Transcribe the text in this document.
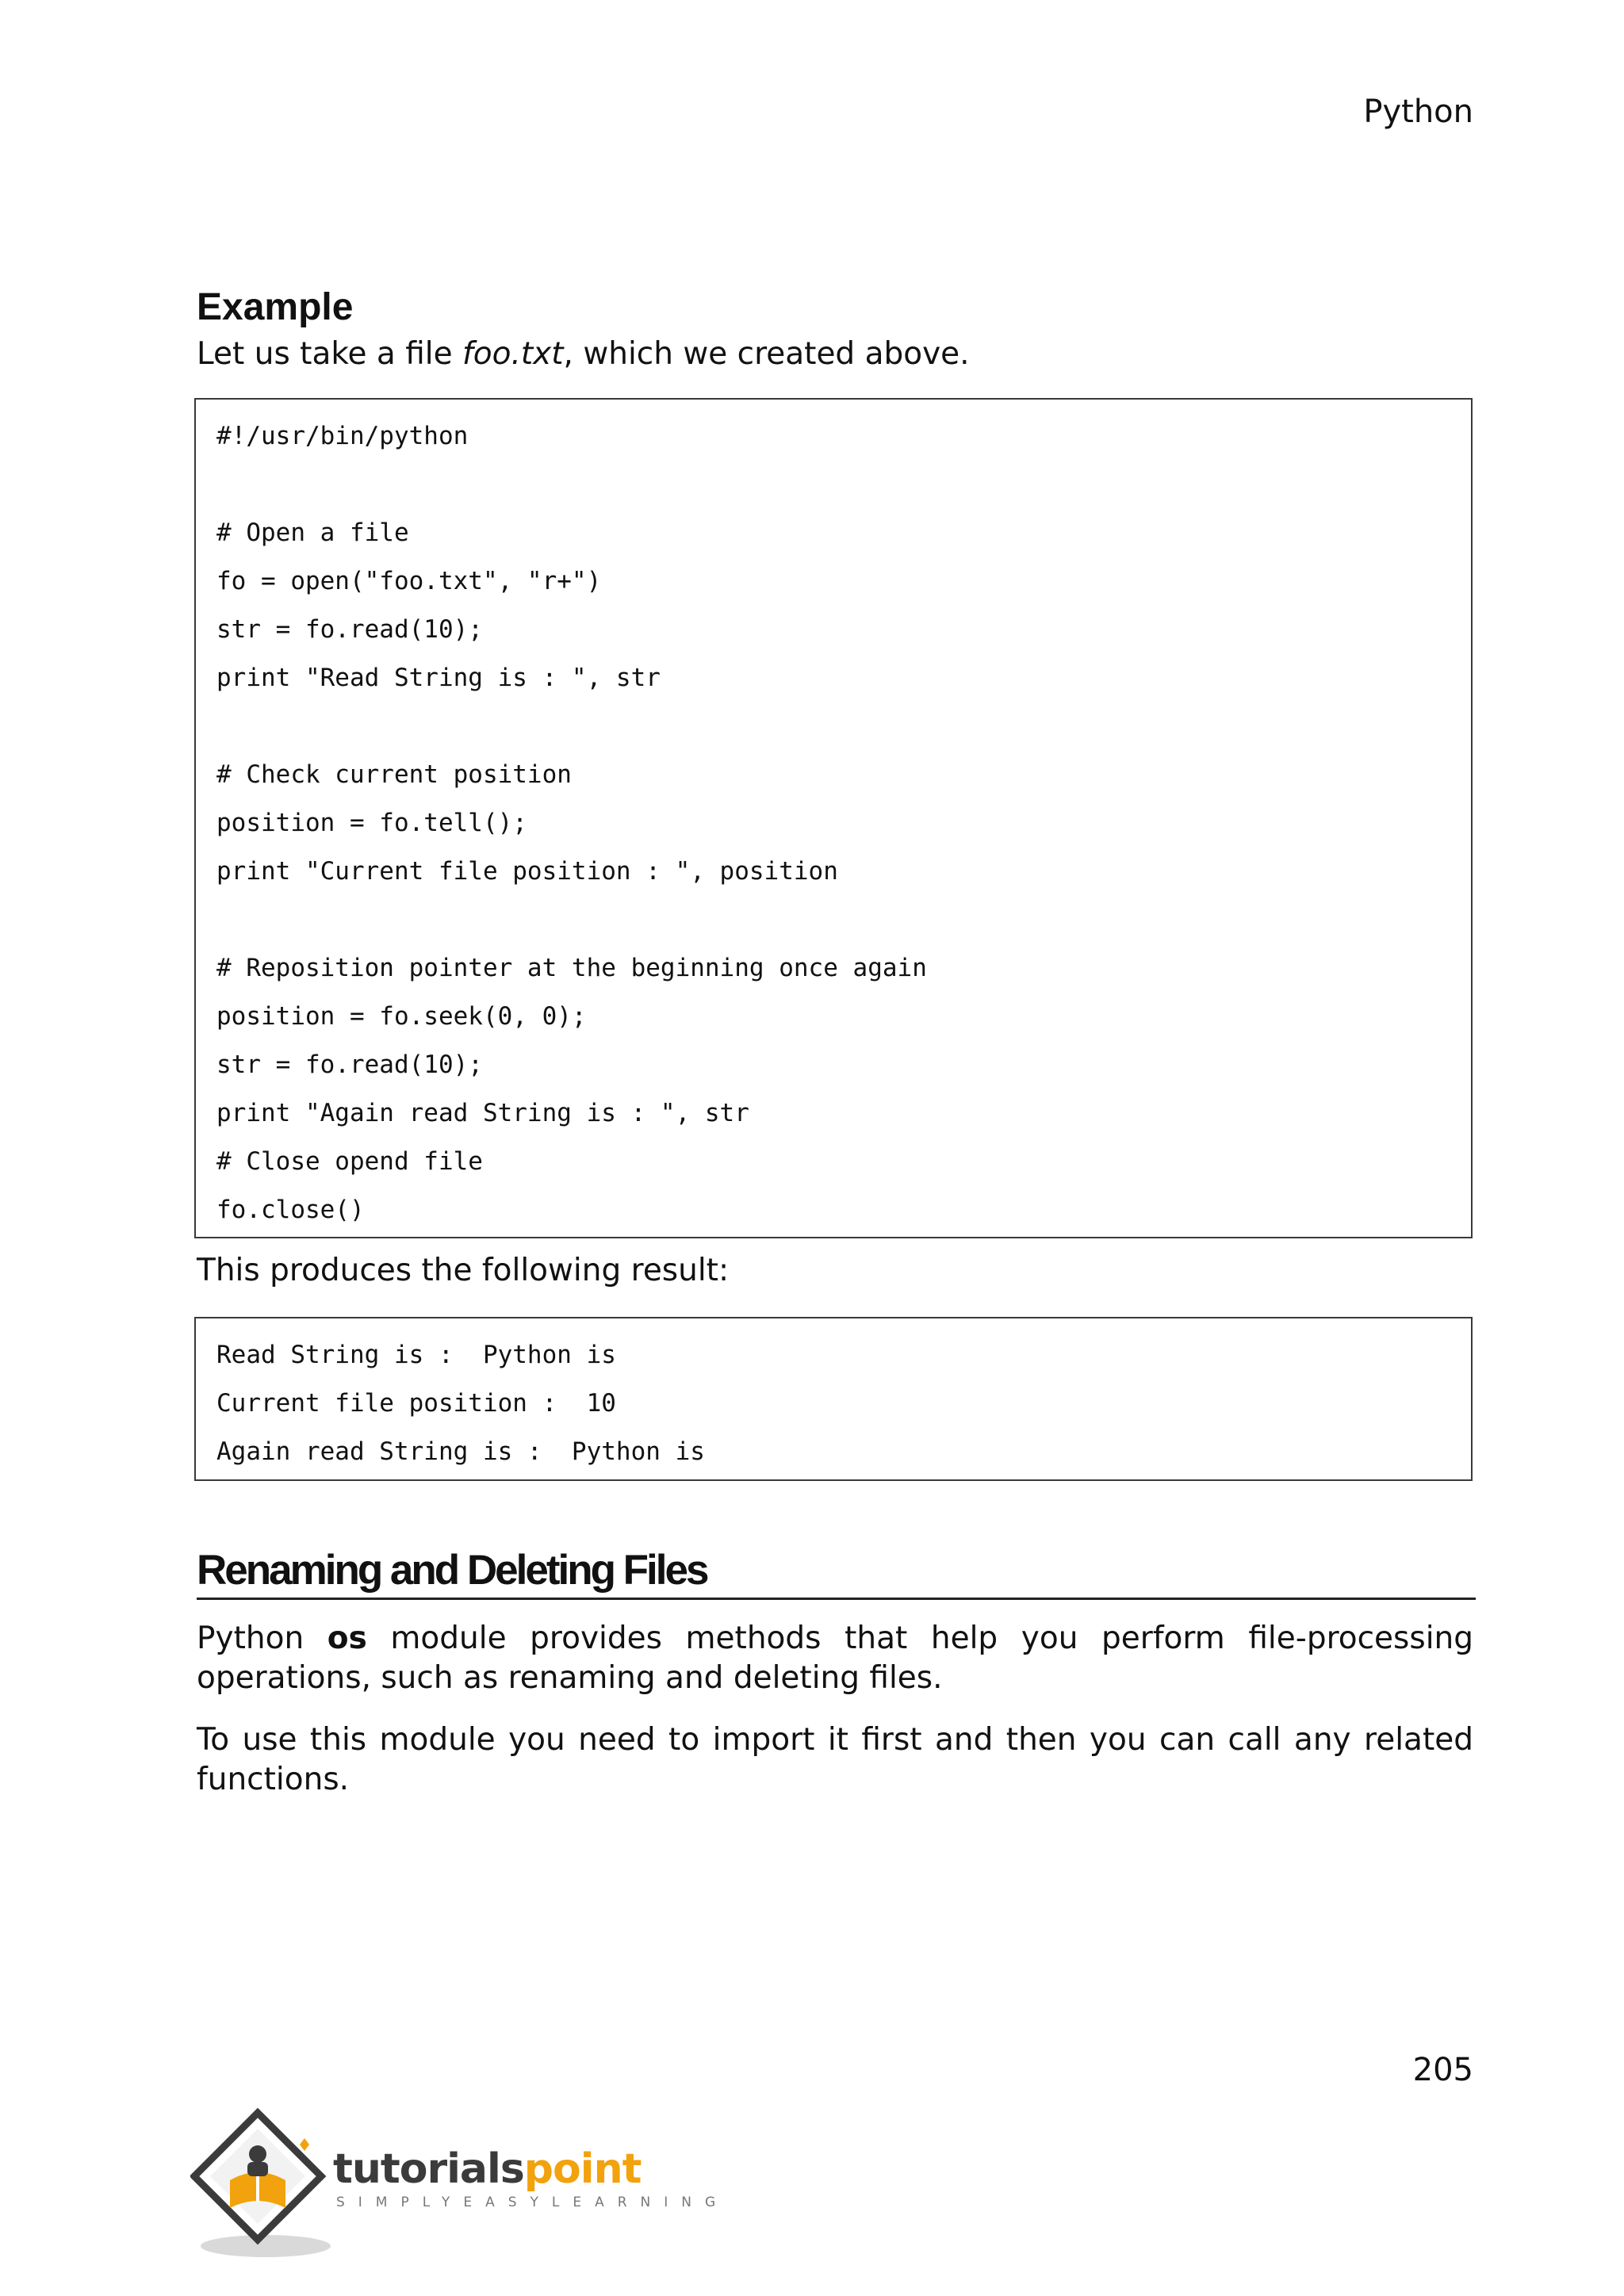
Python
Example

Let us take a file foo.txt, which we created above.

#!/usr/bin/python
# Open a file
fo = open("foo.txt", "r+")
str = fo.read(10);
print "Read String is : ", str
# Check current position
position = fo.tell();
print "Current file position : ", position
# Reposition pointer at the beginning once again
position = fo.seek(0, 0);
str = fo.read(10);
print "Again read String is : ", str
# Close opend file
fo.close()

This produces the following result:

Read String is :  Python is
Current file position :  10
Again read String is :  Python is
Renaming and Deleting Files

Python os module provides methods that help you perform file-processing operations, such as renaming and deleting files.

To use this module you need to import it first and then you can call any related functions.

205
tutorialspoint
SIMPLYEASYLEARNING
